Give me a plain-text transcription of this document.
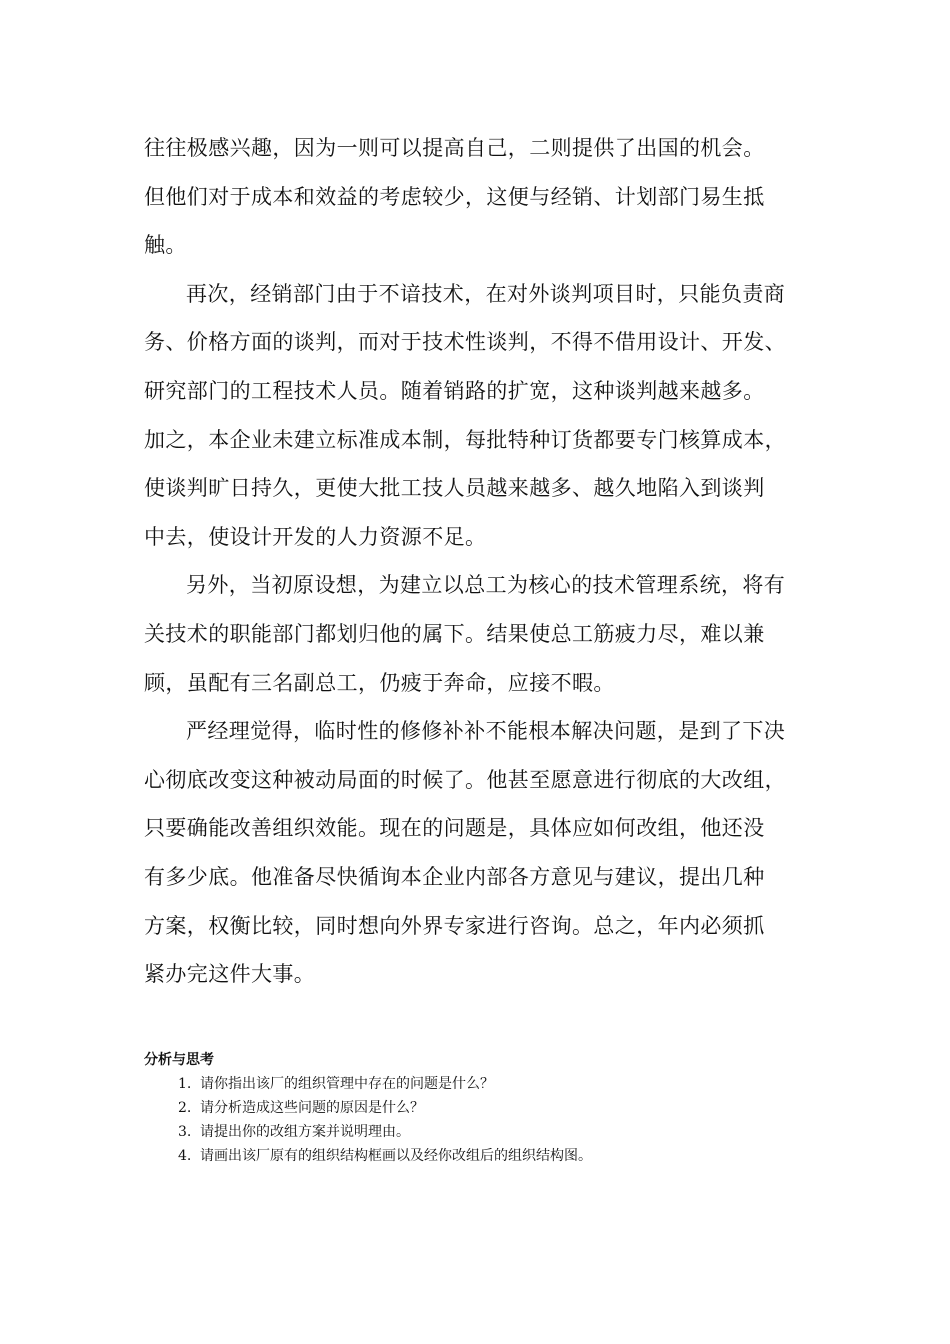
往往极感兴趣，因为一则可以提高自己，二则提供了出国的机会。
但他们对于成本和效益的考虑较少，这便与经销、计划部门易生抵
触。

再次，经销部门由于不谙技术，在对外谈判项目时，只能负责商
务、价格方面的谈判，而对于技术性谈判，不得不借用设计、开发、
研究部门的工程技术人员。随着销路的扩宽，这种谈判越来越多。
加之，本企业未建立标准成本制，每批特种订货都要专门核算成本，
使谈判旷日持久，更使大批工技人员越来越多、越久地陷入到谈判
中去，使设计开发的人力资源不足。

另外，当初原设想，为建立以总工为核心的技术管理系统，将有
关技术的职能部门都划归他的属下。结果使总工筋疲力尽，难以兼
顾，虽配有三名副总工，仍疲于奔命，应接不暇。

严经理觉得，临时性的修修补补不能根本解决问题，是到了下决
心彻底改变这种被动局面的时候了。他甚至愿意进行彻底的大改组，
只要确能改善组织效能。现在的问题是，具体应如何改组，他还没
有多少底。他准备尽快循询本企业内部各方意见与建议，提出几种
方案，权衡比较，同时想向外界专家进行咨询。总之，年内必须抓
紧办完这件大事。

分析与思考
1. 请你指出该厂的组织管理中存在的问题是什么？
2. 请分析造成这些问题的原因是什么？
3. 请提出你的改组方案并说明理由。
4. 请画出该厂原有的组织结构框画以及经你改组后的组织结构图。
